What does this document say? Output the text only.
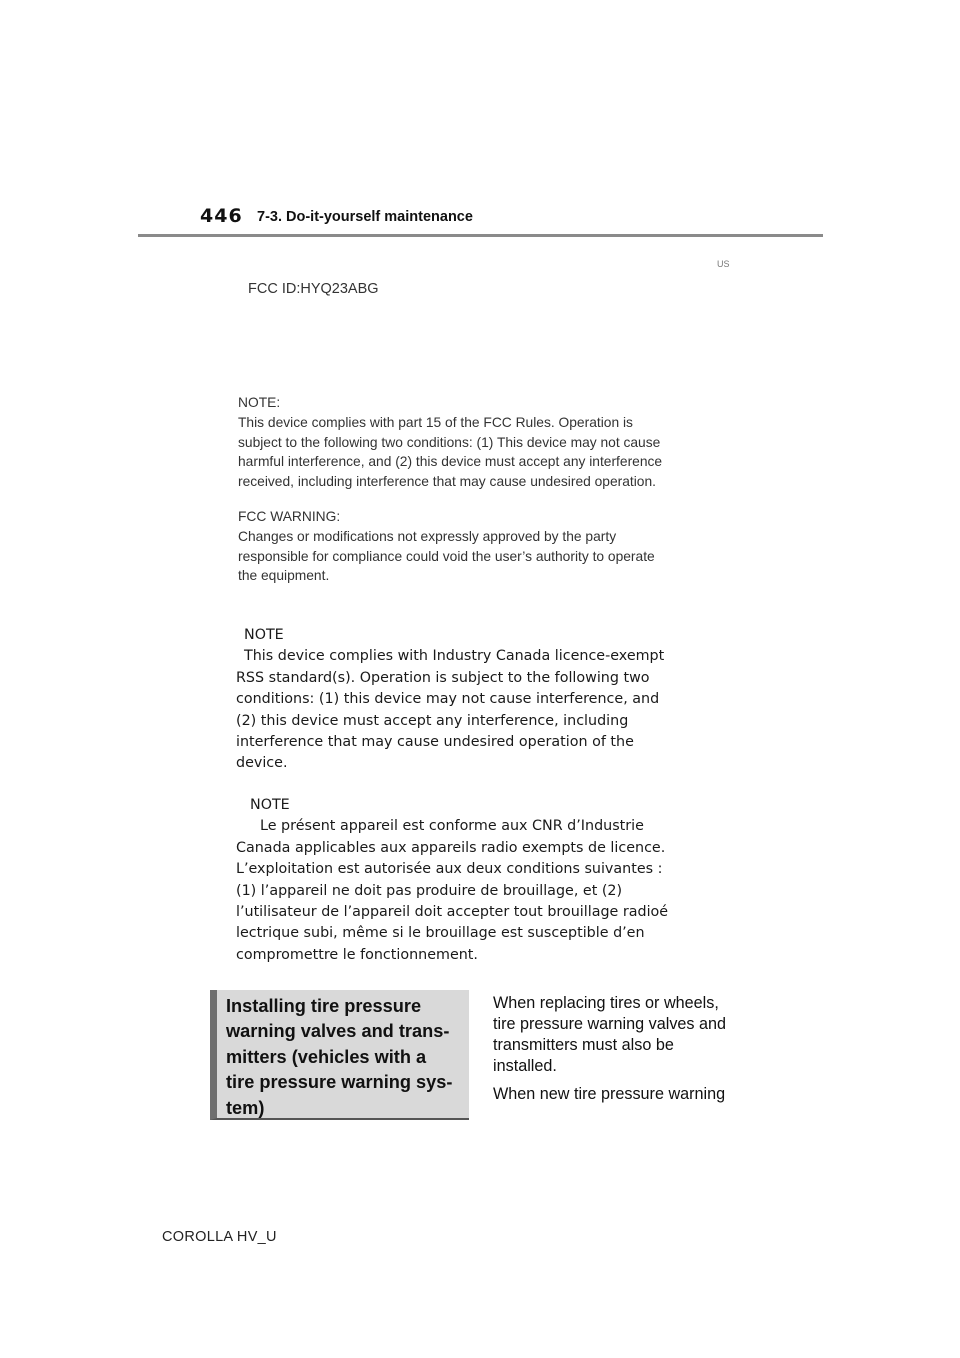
446 7-3. Do-it-yourself maintenance
US
FCC ID:HYQ23ABG
NOTE:
This device complies with part 15 of the FCC Rules. Operation is
subject to the following two conditions: (1) This device may not cause
harmful interference, and (2) this device must accept any interference
received, including interference that may cause undesired operation.
FCC WARNING:
Changes or modifications not expressly approved by the party
responsible for compliance could void the user’s authority to operate
the equipment.
NOTE
This device complies with Industry Canada licence-exempt
RSS standard(s). Operation is subject to the following two
conditions: (1) this device may not cause interference, and
(2) this device must accept any interference, including
interference that may cause undesired operation of the
device.
NOTE
Le présent appareil est conforme aux CNR d’Industrie
Canada applicables aux appareils radio exempts de licence.
L’exploitation est autorisée aux deux conditions suivantes :
(1) l’appareil ne doit pas produire de brouillage, et (2)
l’utilisateur de l’appareil doit accepter tout brouillage radioé
lectrique subi, même si le brouillage est susceptible d’en
compromettre le fonctionnement.
Installing tire pressure
warning valves and trans-
mitters (vehicles with a
tire pressure warning sys-
tem)
When replacing tires or wheels,
tire pressure warning valves and
transmitters must also be
installed.
When new tire pressure warning
COROLLA HV_U
